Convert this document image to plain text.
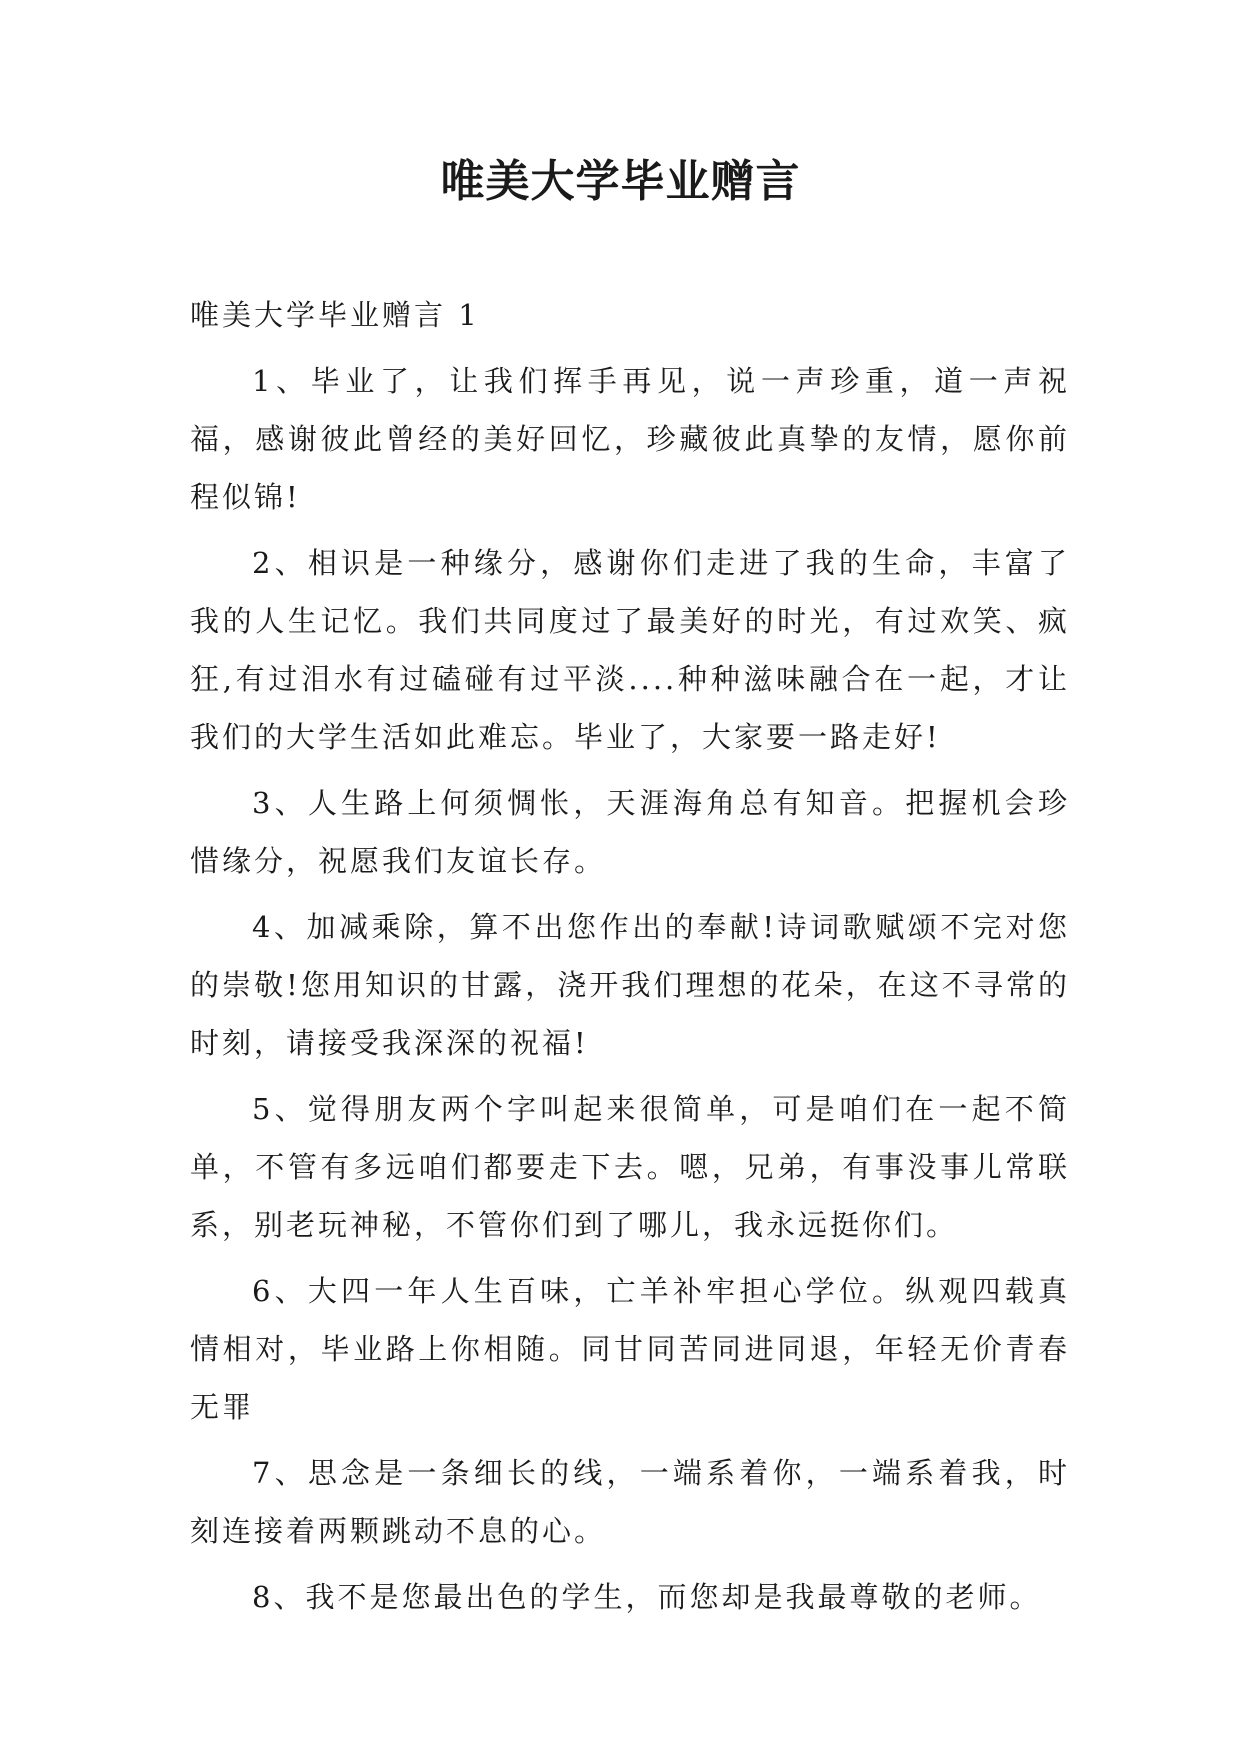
唯美大学毕业赠言
唯美大学毕业赠言 1
1、毕业了，让我们挥手再见，说一声珍重，道一声祝福，感谢彼此曾经的美好回忆，珍藏彼此真挚的友情，愿你前程似锦!
2、相识是一种缘分，感谢你们走进了我的生命，丰富了我的人生记忆。我们共同度过了最美好的时光，有过欢笑、疯狂,有过泪水有过磕碰有过平淡....种种滋味融合在一起，才让我们的大学生活如此难忘。毕业了，大家要一路走好!
3、人生路上何须惆怅，天涯海角总有知音。把握机会珍惜缘分，祝愿我们友谊长存。
4、加减乘除，算不出您作出的奉献!诗词歌赋颂不完对您的崇敬!您用知识的甘露，浇开我们理想的花朵，在这不寻常的时刻，请接受我深深的祝福!
5、觉得朋友两个字叫起来很简单，可是咱们在一起不简单，不管有多远咱们都要走下去。嗯，兄弟，有事没事儿常联系，别老玩神秘，不管你们到了哪儿，我永远挺你们。
6、大四一年人生百味，亡羊补牢担心学位。纵观四载真情相对，毕业路上你相随。同甘同苦同进同退，年轻无价青春无罪
7、思念是一条细长的线，一端系着你，一端系着我，时刻连接着两颗跳动不息的心。
8、我不是您最出色的学生，而您却是我最尊敬的老师。
